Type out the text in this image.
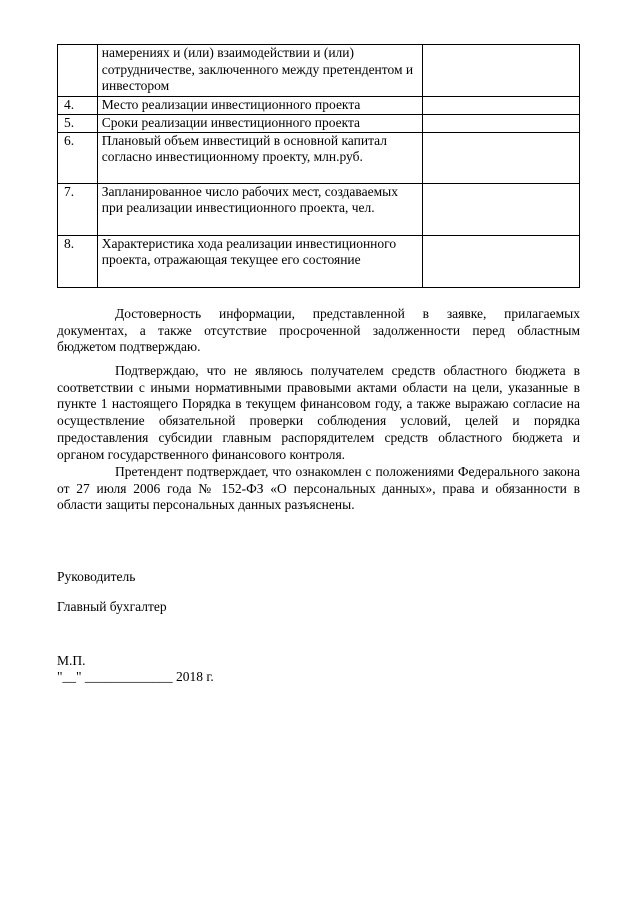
	намерениях и (или) взаимодействии и (или) сотрудничестве, заключенного между претендентом и инвестором	
4.	Место реализации инвестиционного проекта	
5.	Сроки реализации инвестиционного проекта	
6.	Плановый объем инвестиций в основной капитал согласно инвестиционному проекту, млн.руб.	
7.	Запланированное число рабочих мест, создаваемых при реализации инвестиционного проекта, чел.	
8.	Характеристика хода реализации инвестиционного проекта, отражающая текущее его состояние	

Достоверность информации, представленной в заявке, прилагаемых документах, а также отсутствие просроченной задолженности перед областным бюджетом подтверждаю.

Подтверждаю, что не являюсь получателем средств областного бюджета в соответствии с иными нормативными правовыми актами области на цели, указанные в пункте 1 настоящего Порядка в текущем финансовом году, а также выражаю согласие на осуществление обязательной проверки соблюдения условий, целей и порядка предоставления субсидии главным распорядителем средств областного бюджета и органом государственного финансового контроля.

Претендент подтверждает, что ознакомлен с положениями Федерального закона от 27 июля 2006 года № 152-ФЗ «О персональных данных», права и обязанности в области защиты персональных данных разъяснены.

Руководитель
Главный бухгалтер
М.П.
"__" _____________ 2018 г.
